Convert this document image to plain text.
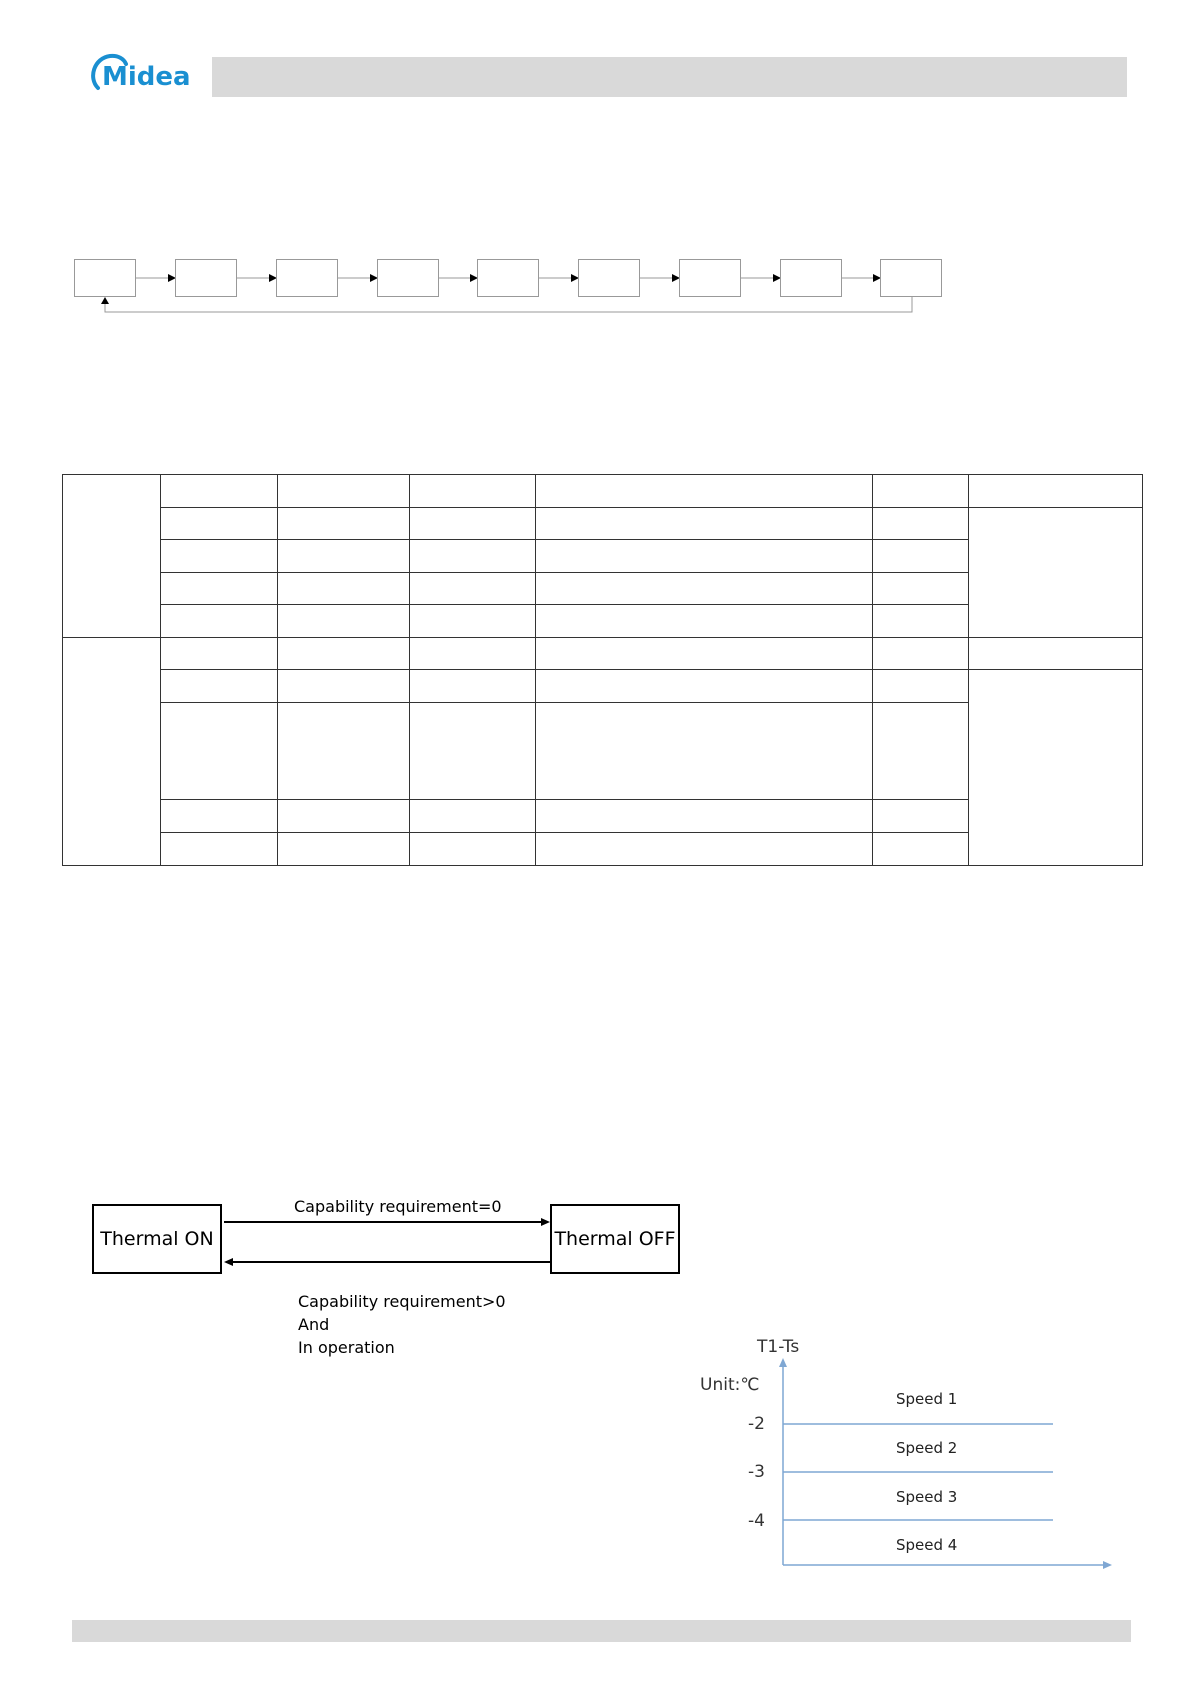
Midea

Thermal ON	Thermal OFF
Capability requirement=0
Capability requirement>0
And
In operation	T1-Ts
Unit:℃
-2
-3
-4
Speed 1
Speed 2
Speed 3
Speed 4
